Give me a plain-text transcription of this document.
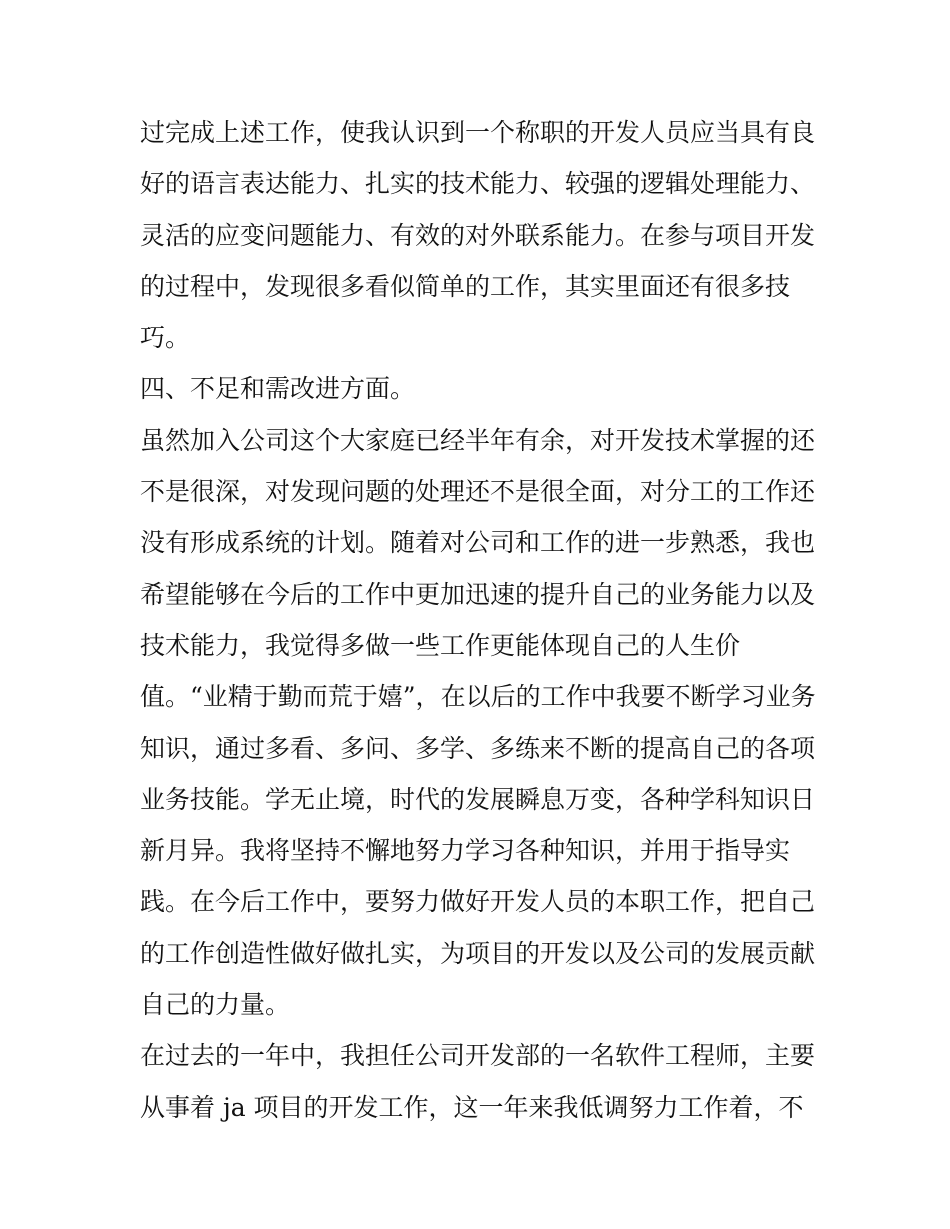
过完成上述工作，使我认识到一个称职的开发人员应当具有良
好的语言表达能力、扎实的技术能力、较强的逻辑处理能力、
灵活的应变问题能力、有效的对外联系能力。在参与项目开发
的过程中，发现很多看似简单的工作，其实里面还有很多技
巧。
四、不足和需改进方面。
虽然加入公司这个大家庭已经半年有余，对开发技术掌握的还
不是很深，对发现问题的处理还不是很全面，对分工的工作还
没有形成系统的计划。随着对公司和工作的进一步熟悉，我也
希望能够在今后的工作中更加迅速的提升自己的业务能力以及
技术能力，我觉得多做一些工作更能体现自己的人生价
值。“业精于勤而荒于嬉”，在以后的工作中我要不断学习业务
知识，通过多看、多问、多学、多练来不断的提高自己的各项
业务技能。学无止境，时代的发展瞬息万变，各种学科知识日
新月异。我将坚持不懈地努力学习各种知识，并用于指导实
践。在今后工作中，要努力做好开发人员的本职工作，把自己
的工作创造性做好做扎实，为项目的开发以及公司的发展贡献
自己的力量。
在过去的一年中，我担任公司开发部的一名软件工程师，主要
从事着 ja 项目的开发工作，这一年来我低调努力工作着，不
